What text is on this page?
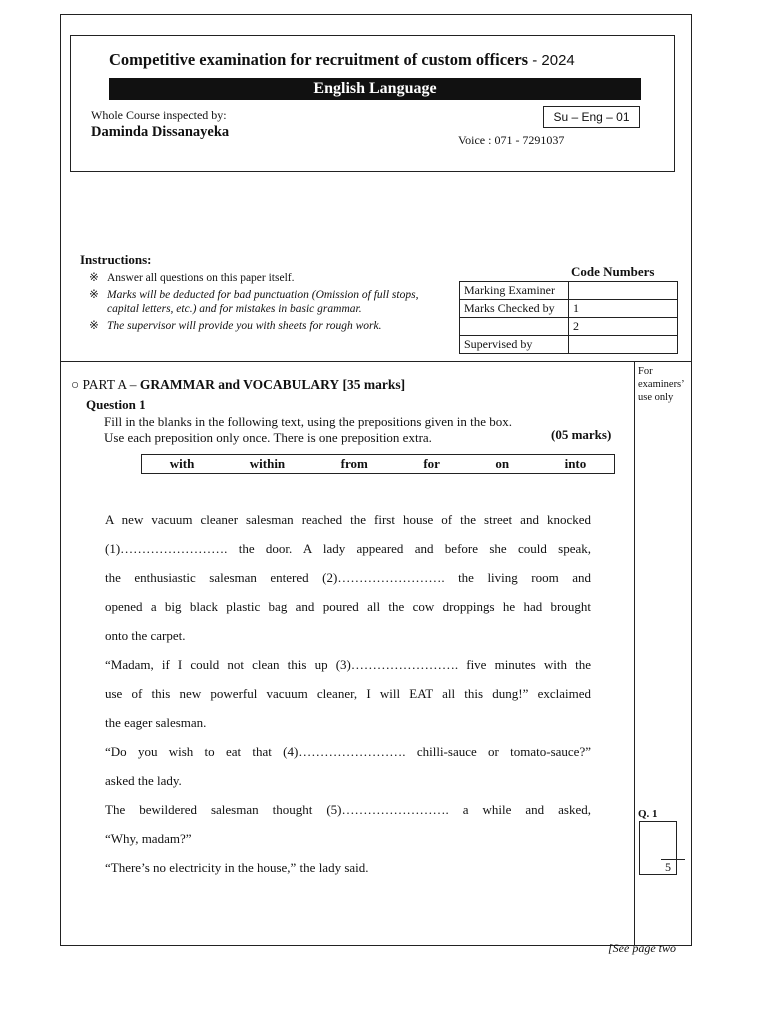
Competitive examination for recruitment of custom officers - 2024
English Language
Whole Course inspected by:
Daminda Dissanayeka
Su – Eng – 01
Voice : 071 - 7291037
Instructions:
※ Answer all questions on this paper itself.
※ Marks will be deducted for bad punctuation (Omission of full stops, capital letters, etc.) and for mistakes in basic grammar.
※ The supervisor will provide you with sheets for rough work.
Code Numbers
Marking Examiner	
Marks Checked by	1
	2
Supervised by	
For examiners’ use only
○ PART A – GRAMMAR and VOCABULARY [35 marks]
Question 1
Fill in the blanks in the following text, using the prepositions given in the box.
Use each preposition only once. There is one preposition extra.	(05 marks)
with	within	from	for	on	into
A new vacuum cleaner salesman reached the first house of the street and knocked
(1)……………………. the door. A lady appeared and before she could speak,
the enthusiastic salesman entered (2)……………………. the living room and
opened a big black plastic bag and poured all the cow droppings he had brought
onto the carpet.
“Madam, if I could not clean this up (3)……………………. five minutes with the
use of this new powerful vacuum cleaner, I will EAT all this dung!” exclaimed
the eager salesman.
“Do you wish to eat that (4)……………………. chilli-sauce or tomato-sauce?”
asked the lady.
The bewildered salesman thought (5)……………………. a while and asked,
“Why, madam?”
“There’s no electricity in the house,” the lady said.
Q. 1
5
[See page two
